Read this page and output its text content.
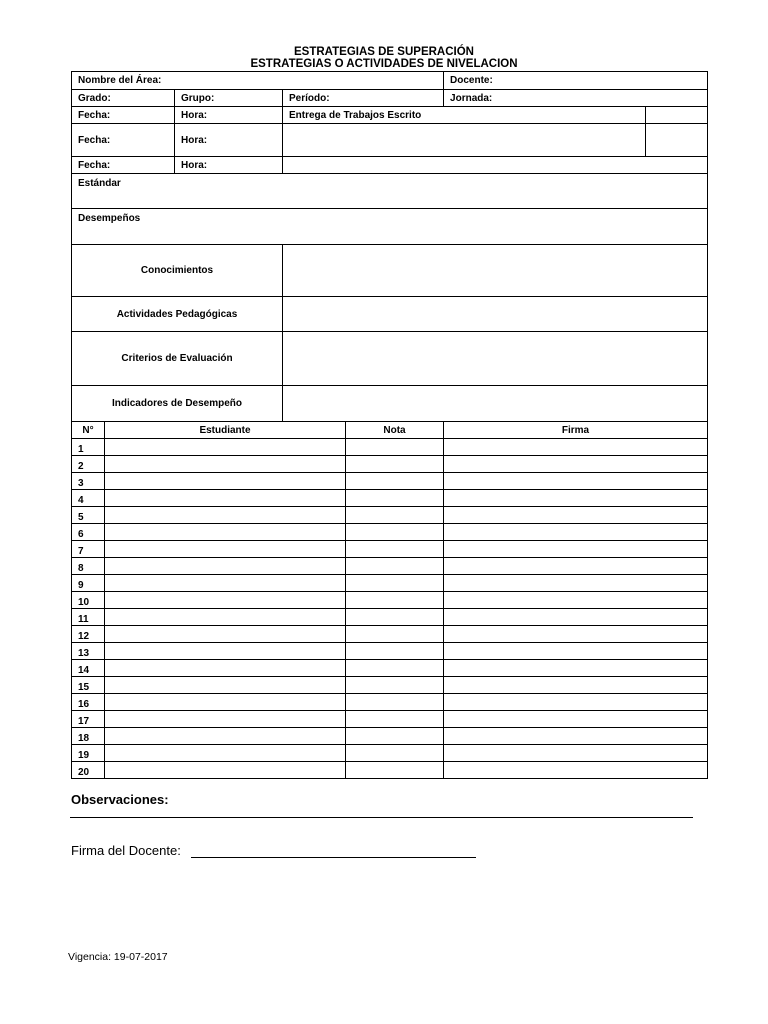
ESTRATEGIAS DE SUPERACIÓN
ESTRATEGIAS O ACTIVIDADES DE NIVELACION
Nombre del Área:			Docente:	
Grado:	Grupo:	Período:	Jornada:	
Fecha:	Hora:	Entrega de Trabajos Escrito		
Fecha:	Hora:			
Fecha:	Hora:			
Estándar				
Desempeños				
Conocimientos				
Actividades Pedagógicas				
Criterios de Evaluación				
Indicadores de Desempeño				
N°	Estudiante	Nota	Firma
1			
2			
3			
4			
5			
6			
7			
8			
9			
10			
11			
12			
13			
14			
15			
16			
17			
18			
19			
20			
Observaciones:
Firma del Docente:
Vigencia: 19-07-2017
